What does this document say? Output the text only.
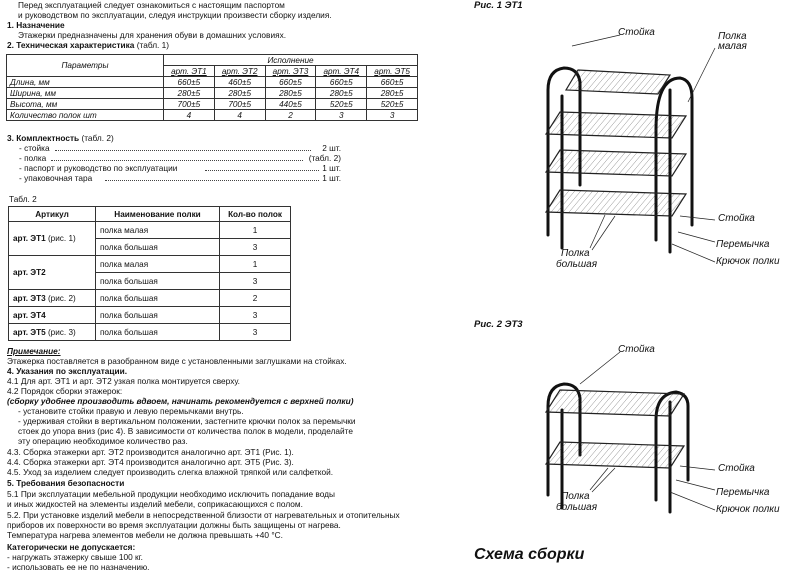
Перед эксплуатацией следует ознакомиться с настоящим паспортом
и руководством по эксплуатации, следуя инструкции произвести сборку изделия.
1. Назначение
Этажерки предназначены для хранения обуви в домашних условиях.
2. Техническая характеристика (табл. 1)
Параметры	Исполнение				
	арт. ЭТ1	арт. ЭТ2	арт. ЭТ3	арт. ЭТ4	арт. ЭТ5
Длина, мм	660±5	460±5	660±5	660±5	660±5
Ширина, мм	280±5	280±5	280±5	280±5	280±5
Высота, мм	700±5	700±5	440±5	520±5	520±5
Количество полок шт	4	4	2	3	3
3. Комплектность (табл. 2)
- стойка	2 шт.
- полка	(табл. 2)
- паспорт и руководство по эксплуатации	1 шт.
- упаковочная тара	1 шт.
Табл. 2
Артикул	Наименование полки	Кол-во полок
арт. ЭТ1 (рис. 1)	полка малая	1
	полка большая	3
арт. ЭТ2	полка малая	1
	полка большая	3
арт. ЭТ3 (рис. 2)	полка большая	2
арт. ЭТ4	полка большая	3
арт. ЭТ5 (рис. 3)	полка большая	3
Примечание:
Этажерка поставляется в разобранном виде с установленными заглушками на стойках.
4. Указания по эксплуатации.
4.1 Для арт. ЭТ1 и арт. ЭТ2 узкая полка монтируется сверху.
4.2 Порядок сборки этажерок:
(сборку удобнее производить вдвоем, начинать рекомендуется с верхней полки)
- установите стойки правую и левую перемычками внутрь.
- удерживая стойки в вертикальном положении, застегните крючки полок за перемычки
стоек до упора вниз (рис 4). В зависимости от количества полок в модели, проделайте
эту операцию необходимое количество раз.
4.3. Сборка этажерки арт. ЭТ2 производится аналогично арт. ЭТ1 (Рис. 1).
4.4. Сборка этажерки арт. ЭТ4 производится аналогично арт. ЭТ5 (Рис. 3).
4.5. Уход за изделием следует производить слегка влажной тряпкой или салфеткой.
5. Требования безопасности
5.1 При эксплуатации мебельной продукции необходимо исключить попадание воды
и иных жидкостей на элементы изделий мебели, соприкасающихся с полом.
5.2. При установке изделий мебели в непосредственной близости от нагревательных и отопительных
приборов их поверхности во время эксплуатации должны быть защищены от нагрева.
Температура нагрева элементов мебели не должна превышать +40 °С.
Категорически не допускается:
- нагружать этажерку свыше 100 кг.
- использовать ее не по назначению.
Рис. 1 ЭТ1
Стойка	Полка
малая
Стойка
Перемычка
Крючок полки
Полка
большая
Рис. 2 ЭТ3
Стойка
Стойка
Перемычка
Крючок полки
Полка
большая
Схема сборки
